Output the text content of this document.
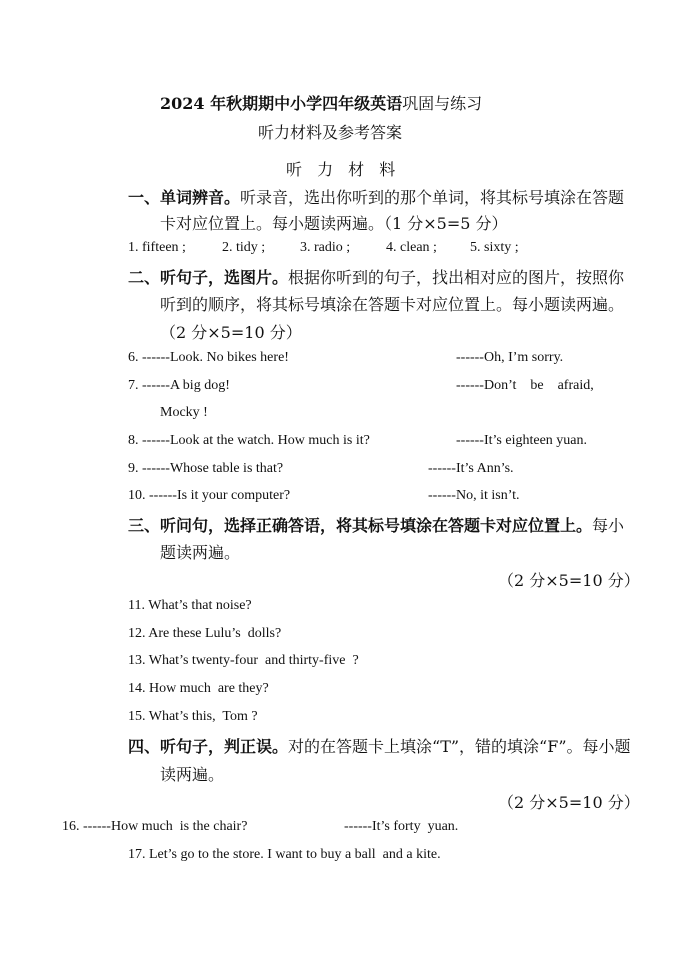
2024 年秋期期中小学四年级英语巩固与练习
听力材料及参考答案
听 力 材 料
一、单词辨音。听录音，选出你听到的那个单词，将其标号填涂在答题
卡对应位置上。每小题读两遍。（1 分×5=5 分）
1. fifteen ;	2. tidy ; 3. radio ;	4. clean ; 5. sixty ;
二、听句子，选图片。根据你听到的句子，找出相对应的图片，按照你
听到的顺序，将其标号填涂在答题卡对应位置上。每小题读两遍。
（2 分×5=10 分）
6. ------Look. No bikes here!	------Oh, I’m sorry.
7. ------A big dog!	------Don’t    be    afraid,
Mocky !
8. ------Look at the watch. How much is it?	------It’s eighteen yuan.
9. ------Whose table is that?	------It’s Ann’s.
10. ------Is it your computer?	------No, it isn’t.
三、听问句，选择正确答语，将其标号填涂在答题卡对应位置上。每小
题读两遍。
（2 分×5=10 分）
11. What’s that noise?
12. Are these Lulu’s  dolls?
13. What’s twenty-four  and thirty-five  ?
14. How much  are they?
15. What’s this,  Tom ?
四、听句子，判正误。对的在答题卡上填涂“T”，错的填涂“F”。每小题
读两遍。
（2 分×5=10 分）
16. ------How much  is the chair?	------It’s forty  yuan.
17. Let’s go to the store. I want to buy a ball  and a kite.
